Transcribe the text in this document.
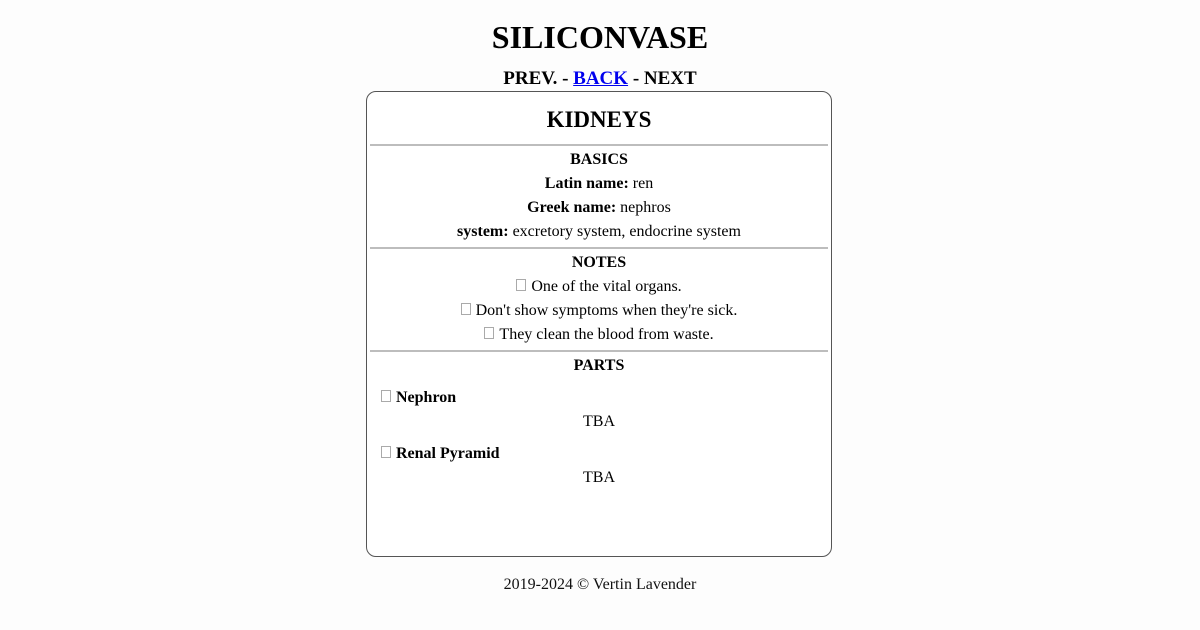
SILICONVASE
PREV. - BACK - NEXT
KIDNEYS
BASICS
Latin name: ren
Greek name: nephros
system: excretory system, endocrine system
NOTES
One of the vital organs.
Don't show symptoms when they're sick.
They clean the blood from waste.
PARTS
Nephron
TBA
Renal Pyramid
TBA
2019-2024 © Vertin Lavender
